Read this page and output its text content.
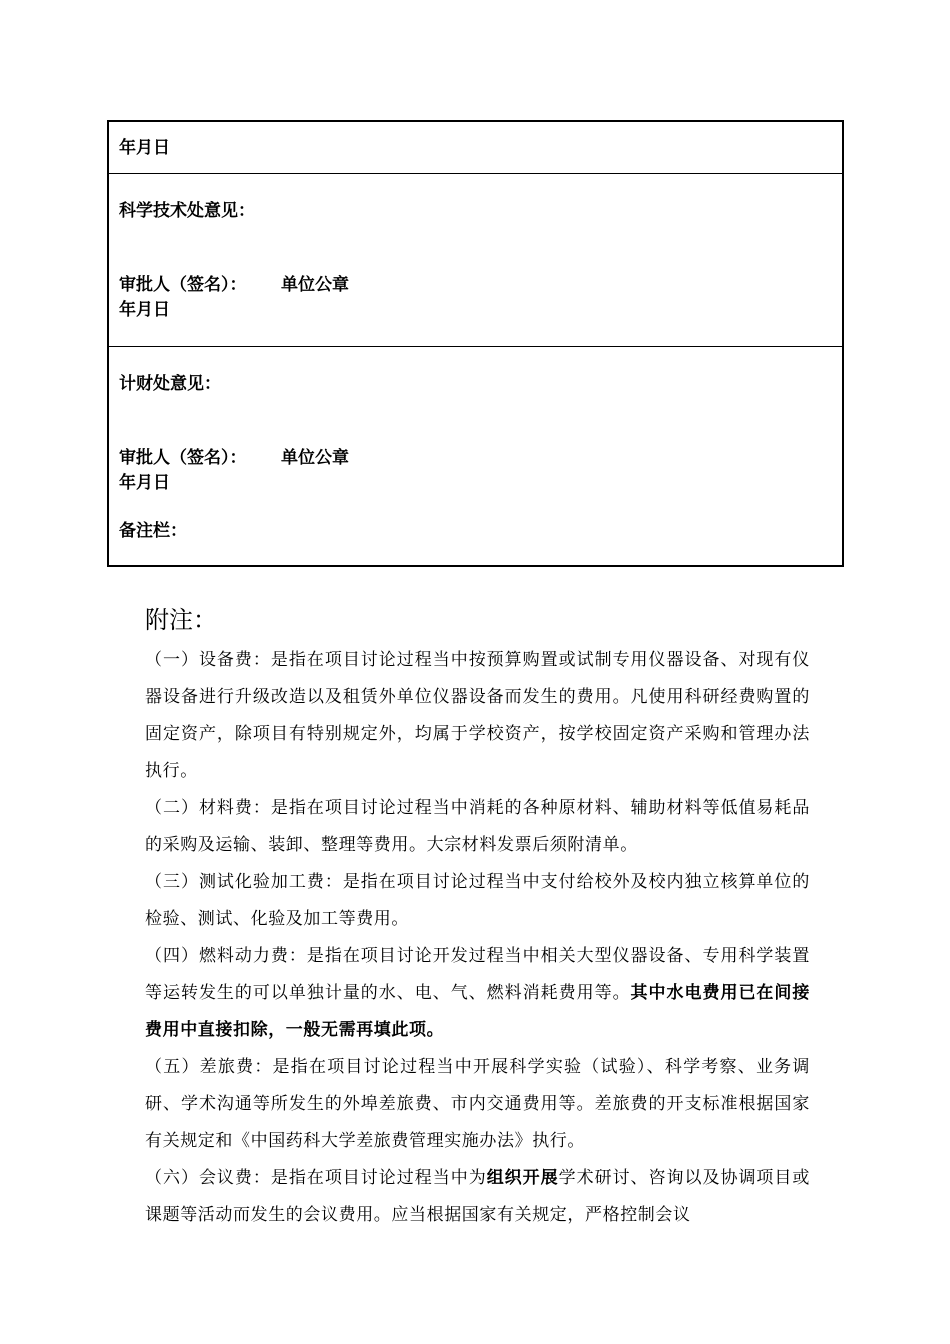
年月日
科学技术处意见：
审批人（签名）： 单位公章
年月日
计财处意见：
审批人（签名）： 单位公章
年月日
备注栏：
附注：

（一）设备费：是指在项目讨论过程当中按预算购置或试制专用仪器设备、对现有仪器设备进行升级改造以及租赁外单位仪器设备而发生的费用。凡使用科研经费购置的固定资产，除项目有特别规定外，均属于学校资产，按学校固定资产采购和管理办法执行。

（二）材料费：是指在项目讨论过程当中消耗的各种原材料、辅助材料等低值易耗品的采购及运输、装卸、整理等费用。大宗材料发票后须附清单。

（三）测试化验加工费：是指在项目讨论过程当中支付给校外及校内独立核算单位的检验、测试、化验及加工等费用。

（四）燃料动力费：是指在项目讨论开发过程当中相关大型仪器设备、专用科学装置等运转发生的可以单独计量的水、电、气、燃料消耗费用等。其中水电费用已在间接费用中直接扣除，一般无需再填此项。

（五）差旅费：是指在项目讨论过程当中开展科学实验（试验）、科学考察、业务调研、学术沟通等所发生的外埠差旅费、市内交通费用等。差旅费的开支标准根据国家有关规定和《中国药科大学差旅费管理实施办法》执行。

（六）会议费：是指在项目讨论过程当中为组织开展学术研讨、咨询以及协调项目或课题等活动而发生的会议费用。应当根据国家有关规定，严格控制会议
